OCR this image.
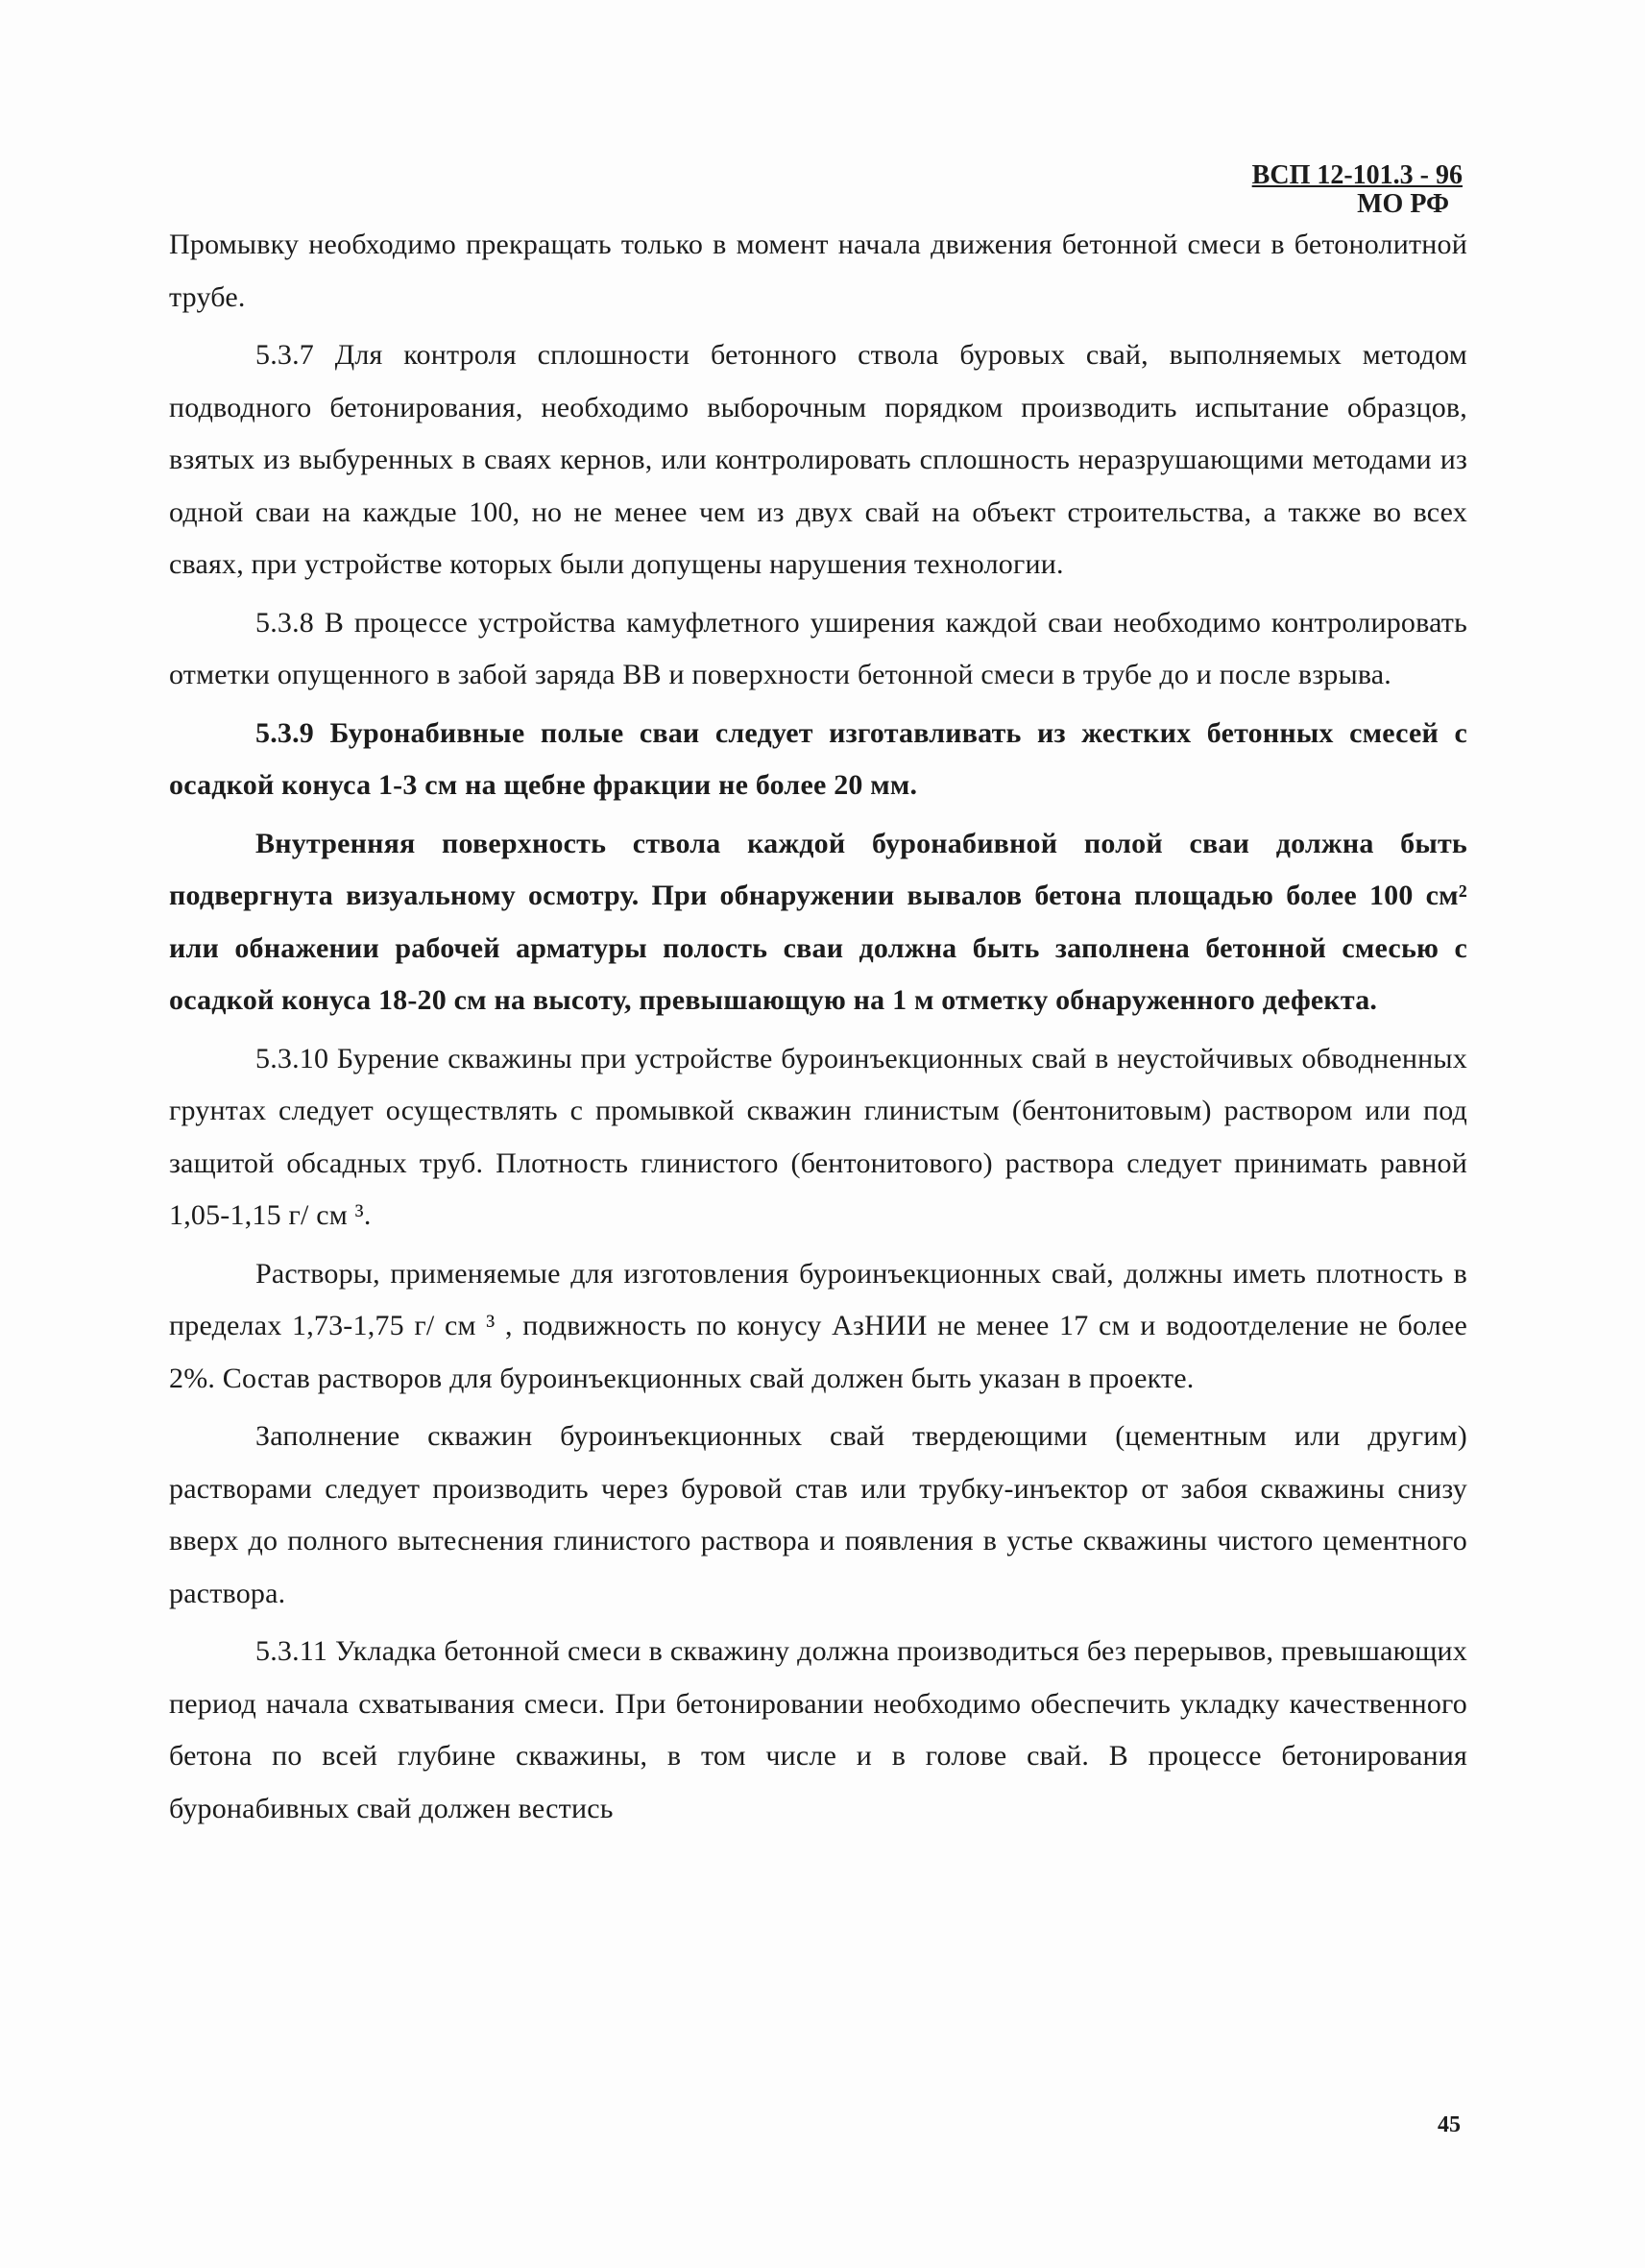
ВСП 12-101.3 - 96
МО РФ

Промывку необходимо прекращать только в момент начала движения бетонной смеси в бетонолитной трубе.

5.3.7 Для контроля сплошности бетонного ствола буровых свай, выполняемых методом подводного бетонирования, необходимо выборочным порядком производить испытание образцов, взятых из выбуренных в сваях кернов, или контролировать сплошность неразрушающими методами из одной сваи на каждые 100, но не менее чем из двух свай на объект строительства, а также во всех сваях, при устройстве которых были допущены нарушения технологии.

5.3.8 В процессе устройства камуфлетного уширения каждой сваи необходимо контролировать отметки опущенного в забой заряда ВВ и поверхности бетонной смеси в трубе до и после взрыва.

5.3.9 Буронабивные полые сваи следует изготавливать из жестких бетонных смесей с осадкой конуса 1-3 см на щебне фракции не более 20 мм.

Внутренняя поверхность ствола каждой буронабивной полой сваи должна быть подвергнута визуальному осмотру. При обнаружении вывалов бетона площадью более 100 см² или обнажении рабочей арматуры полость сваи должна быть заполнена бетонной смесью с осадкой конуса 18-20 см на высоту, превышающую на 1 м отметку обнаруженного дефекта.

5.3.10 Бурение скважины при устройстве буроинъекционных свай в неустойчивых обводненных грунтах следует осуществлять с промывкой скважин глинистым (бентонитовым) раствором или под защитой обсадных труб. Плотность глинистого (бентонитового) раствора следует принимать равной 1,05-1,15 г/ см ³.

Растворы, применяемые для изготовления буроинъекционных свай, должны иметь плотность в пределах 1,73-1,75 г/ см ³ , подвижность по конусу АзНИИ не менее 17 см и водоотделение не более 2%. Состав растворов для буроинъекционных свай должен быть указан в проекте.

Заполнение скважин буроинъекционных свай твердеющими (цементным или другим) растворами следует производить через буровой став или трубку-инъектор от забоя скважины снизу вверх до полного вытеснения глинистого раствора и появления в устье скважины чистого цементного раствора.

5.3.11 Укладка бетонной смеси в скважину должна производиться без перерывов, превышающих период начала схватывания смеси. При бетонировании необходимо обеспечить укладку качественного бетона по всей глубине скважины, в том числе и в голове свай. В процессе бетонирования буронабивных свай должен вестись

45
